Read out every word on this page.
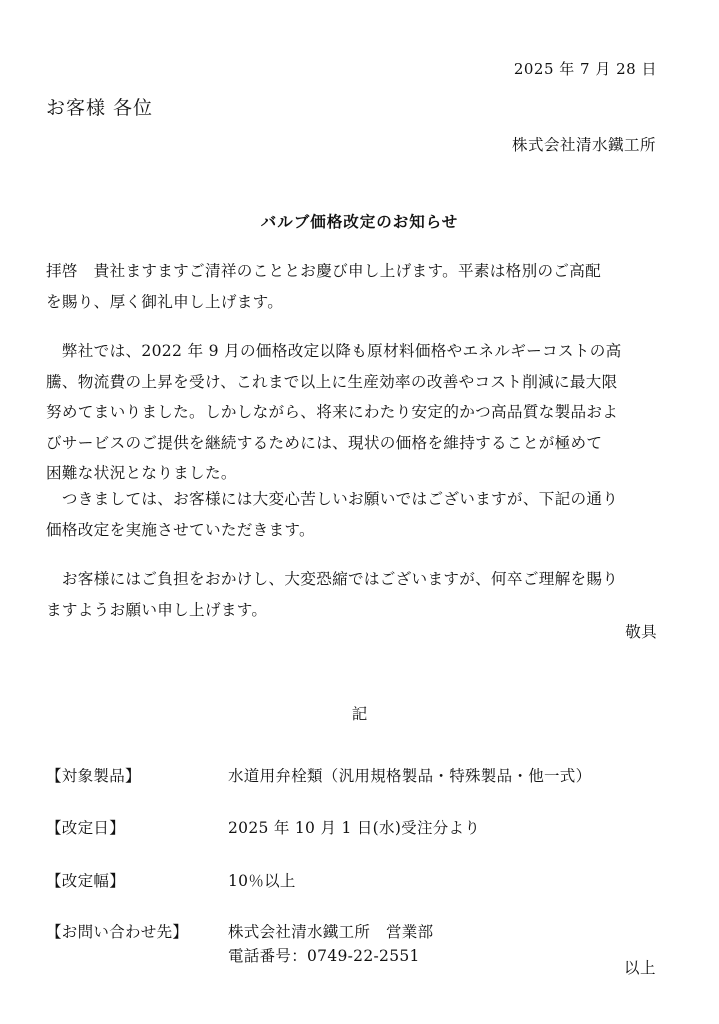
2025 年 7 月 28 日
お客様 各位
株式会社清水鐵工所
バルブ価格改定のお知らせ
拝啓　貴社ますますご清祥のこととお慶び申し上げます。平素は格別のご高配
を賜り、厚く御礼申し上げます。
　弊社では、2022 年 9 月の価格改定以降も原材料価格やエネルギーコストの高
騰、物流費の上昇を受け、これまで以上に生産効率の改善やコスト削減に最大限
努めてまいりました。しかしながら、将来にわたり安定的かつ高品質な製品およ
びサービスのご提供を継続するためには、現状の価格を維持することが極めて
困難な状況となりました。
　つきましては、お客様には大変心苦しいお願いではございますが、下記の通り
価格改定を実施させていただきます。
　お客様にはご負担をおかけし、大変恐縮ではございますが、何卒ご理解を賜り
ますようお願い申し上げます。
敬具
記
【対象製品】	水道用弁栓類（汎用規格製品・特殊製品・他一式）
【改定日】	2025 年 10 月 1 日(水)受注分より
【改定幅】	10％以上
【お問い合わせ先】	株式会社清水鐵工所　営業部
電話番号：0749-22-2551
以上
